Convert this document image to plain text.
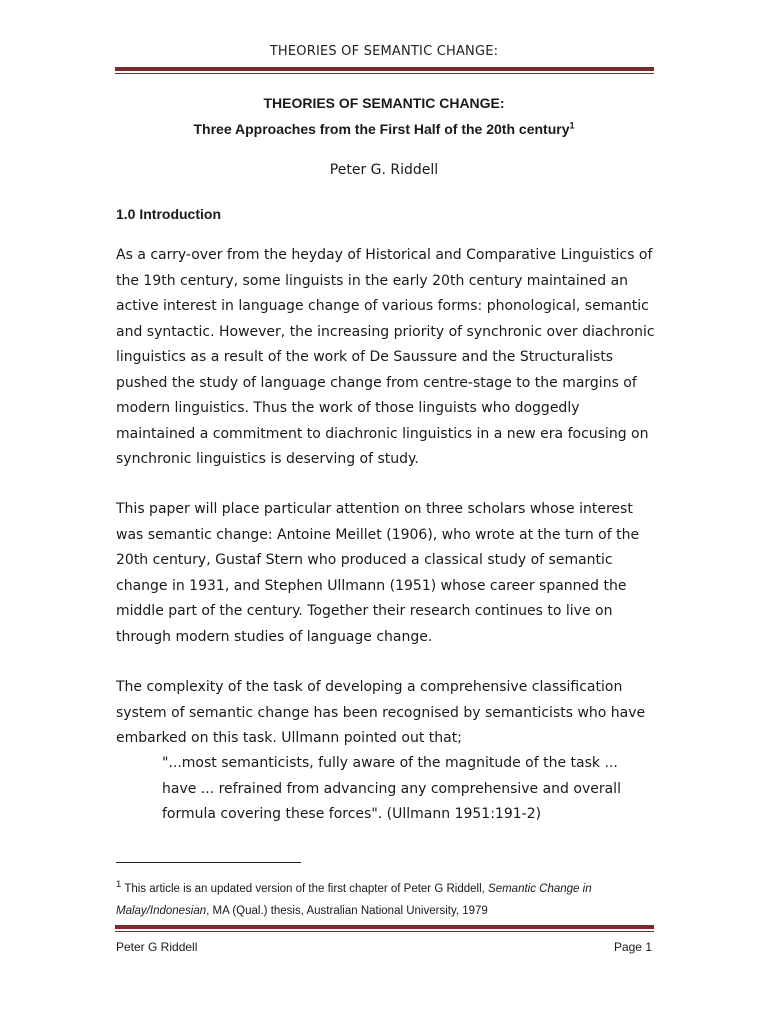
THEORIES OF SEMANTIC CHANGE:
THEORIES OF SEMANTIC CHANGE:
Three Approaches from the First Half of the 20th century$^1$
Peter G. Riddell
1.0 Introduction

As a carry-over from the heyday of Historical and Comparative Linguistics of the 19th century, some linguists in the early 20th century maintained an active interest in language change of various forms: phonological, semantic and syntactic. However, the increasing priority of synchronic over diachronic linguistics as a result of the work of De Saussure and the Structuralists pushed the study of language change from centre-stage to the margins of modern linguistics. Thus the work of those linguists who doggedly maintained a commitment to diachronic linguistics in a new era focusing on synchronic linguistics is deserving of study.

This paper will place particular attention on three scholars whose interest was semantic change: Antoine Meillet (1906), who wrote at the turn of the 20th century, Gustaf Stern who produced a classical study of semantic change in 1931, and Stephen Ullmann (1951) whose career spanned the middle part of the century. Together their research continues to live on through modern studies of language change.

The complexity of the task of developing a comprehensive classification system of semantic change has been recognised by semanticists who have embarked on this task. Ullmann pointed out that;

"...most semanticists, fully aware of the magnitude of the task ... have ... refrained from advancing any comprehensive and overall formula covering these forces". (Ullmann 1951:191-2)

$^1$ This article is an updated version of the first chapter of Peter G Riddell, Semantic Change in Malay/Indonesian, MA (Qual.) thesis, Australian National University, 1979
Peter G Riddell	Page 1
